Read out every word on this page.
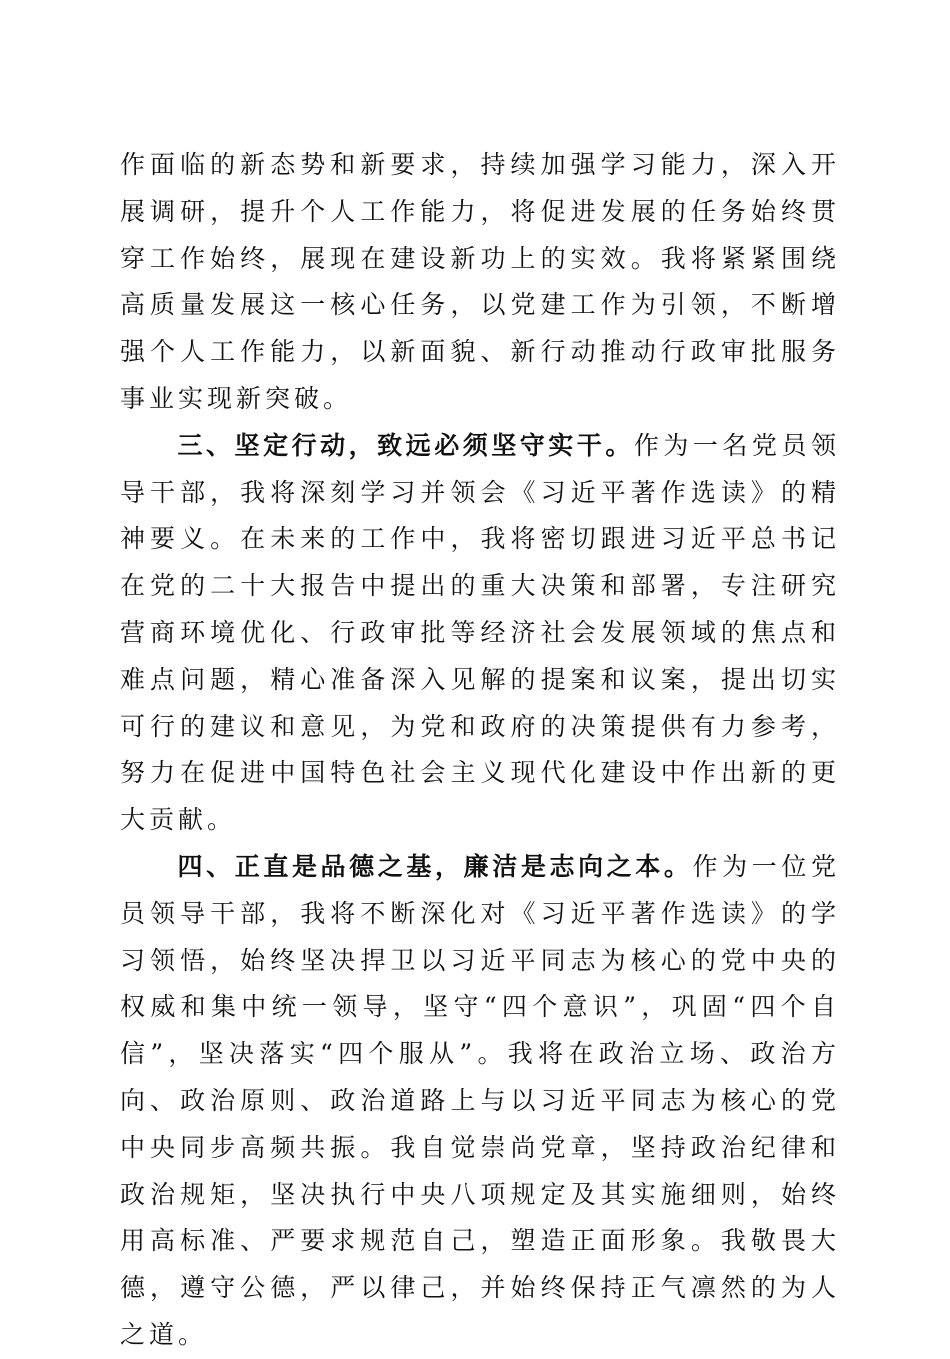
作面临的新态势和新要求，持续加强学习能力，深入开展调研，提升个人工作能力，将促进发展的任务始终贯穿工作始终，展现在建设新功上的实效。我将紧紧围绕高质量发展这一核心任务，以党建工作为引领，不断增强个人工作能力，以新面貌、新行动推动行政审批服务事业实现新突破。

三、坚定行动，致远必须坚守实干。作为一名党员领导干部，我将深刻学习并领会《习近平著作选读》的精神要义。在未来的工作中，我将密切跟进习近平总书记在党的二十大报告中提出的重大决策和部署，专注研究营商环境优化、行政审批等经济社会发展领域的焦点和难点问题，精心准备深入见解的提案和议案，提出切实可行的建议和意见，为党和政府的决策提供有力参考，努力在促进中国特色社会主义现代化建设中作出新的更大贡献。

四、正直是品德之基，廉洁是志向之本。作为一位党员领导干部，我将不断深化对《习近平著作选读》的学习领悟，始终坚决捍卫以习近平同志为核心的党中央的权威和集中统一领导，坚守“四个意识”，巩固“四个自信”，坚决落实“四个服从”。我将在政治立场、政治方向、政治原则、政治道路上与以习近平同志为核心的党中央同步高频共振。我自觉崇尚党章，坚持政治纪律和政治规矩，坚决执行中央八项规定及其实施细则，始终用高标准、严要求规范自己，塑造正面形象。我敬畏大德，遵守公德，严以律己，并始终保持正气凛然的为人之道。
